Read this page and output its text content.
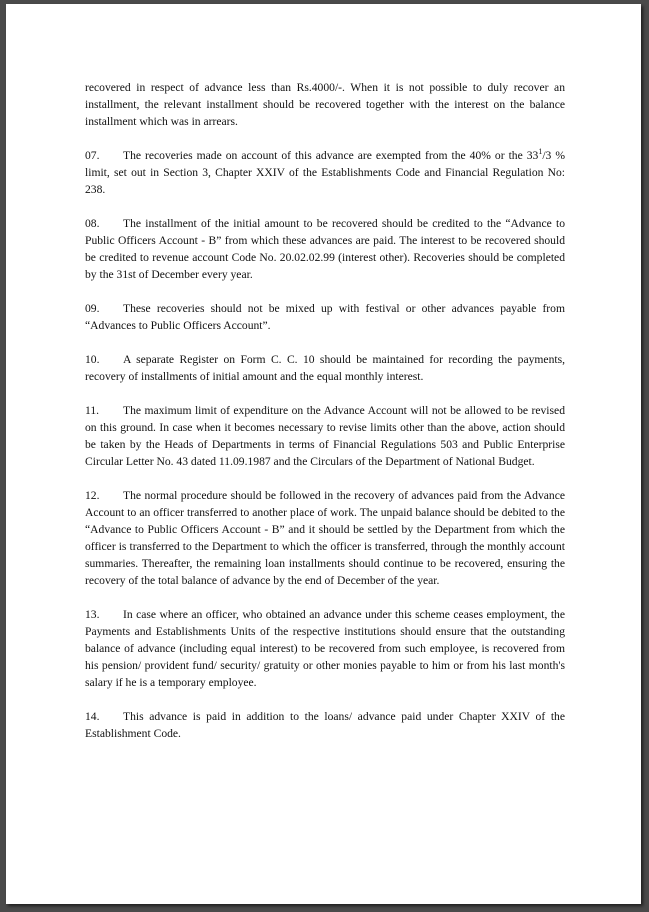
recovered in respect of advance less than Rs.4000/-. When it is not possible to duly recover an installment, the relevant installment should be recovered together with the interest on the balance installment which was in arrears.

07. The recoveries made on account of this advance are exempted from the 40% or the $33^1/3$ % limit, set out in Section 3, Chapter XXIV of the Establishments Code and Financial Regulation No: 238.

08. The installment of the initial amount to be recovered should be credited to the “Advance to Public Officers Account - B” from which these advances are paid. The interest to be recovered should be credited to revenue account Code No. 20.02.02.99 (interest other). Recoveries should be completed by the 31st of December every year.

09. These recoveries should not be mixed up with festival or other advances payable from “Advances to Public Officers Account”.

10. A separate Register on Form C. C. 10 should be maintained for recording the payments, recovery of installments of initial amount and the equal monthly interest.

11. The maximum limit of expenditure on the Advance Account will not be allowed to be revised on this ground. In case when it becomes necessary to revise limits other than the above, action should be taken by the Heads of Departments in terms of Financial Regulations 503 and Public Enterprise Circular Letter No. 43 dated 11.09.1987 and the Circulars of the Department of National Budget.

12. The normal procedure should be followed in the recovery of advances paid from the Advance Account to an officer transferred to another place of work. The unpaid balance should be debited to the “Advance to Public Officers Account - B” and it should be settled by the Department from which the officer is transferred to the Department to which the officer is transferred, through the monthly account summaries. Thereafter, the remaining loan installments should continue to be recovered, ensuring the recovery of the total balance of advance by the end of December of the year.

13. In case where an officer, who obtained an advance under this scheme ceases employment, the Payments and Establishments Units of the respective institutions should ensure that the outstanding balance of advance (including equal interest) to be recovered from such employee, is recovered from his pension/ provident fund/ security/ gratuity or other monies payable to him or from his last month's salary if he is a temporary employee.

14. This advance is paid in addition to the loans/ advance paid under Chapter XXIV of the Establishment Code.
